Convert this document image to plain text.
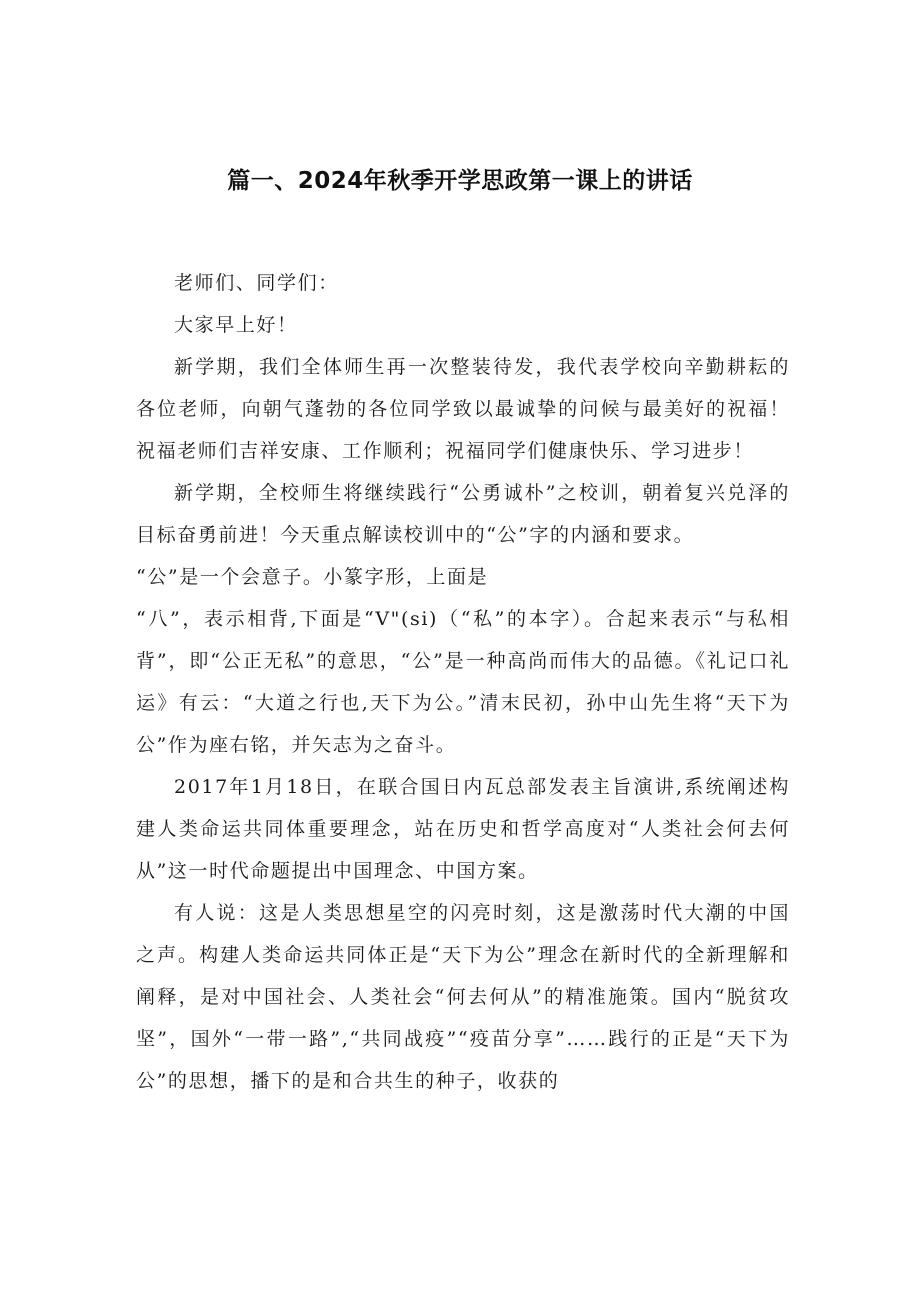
篇一、2024年秋季开学思政第一课上的讲话

老师们、同学们：

大家早上好！

新学期，我们全体师生再一次整装待发，我代表学校向辛勤耕耘的各位老师，向朝气蓬勃的各位同学致以最诚挚的问候与最美好的祝福！祝福老师们吉祥安康、工作顺利；祝福同学们健康快乐、学习进步！

新学期，全校师生将继续践行“公勇诚朴”之校训，朝着复兴兑泽的目标奋勇前进！今天重点解读校训中的“公”字的内涵和要求。

“公”是一个会意子。小篆字形，上面是

“八”，表示相背,下面是“V"(si)（“私”的本字）。合起来表示“与私相背”，即“公正无私”的意思，“公”是一种高尚而伟大的品德。《礼记口礼运》有云：“大道之行也,天下为公。”清末民初，孙中山先生将“天下为公”作为座右铭，并矢志为之奋斗。

2017年1月18日，在联合国日内瓦总部发表主旨演讲,系统阐述构建人类命运共同体重要理念，站在历史和哲学高度对“人类社会何去何从”这一时代命题提出中国理念、中国方案。

有人说：这是人类思想星空的闪亮时刻，这是激荡时代大潮的中国之声。构建人类命运共同体正是“天下为公”理念在新时代的全新理解和阐释，是对中国社会、人类社会“何去何从”的精准施策。国内“脱贫攻坚”，国外“一带一路”,“共同战疫”“疫苗分享”……践行的正是“天下为公”的思想，播下的是和合共生的种子，收获的
